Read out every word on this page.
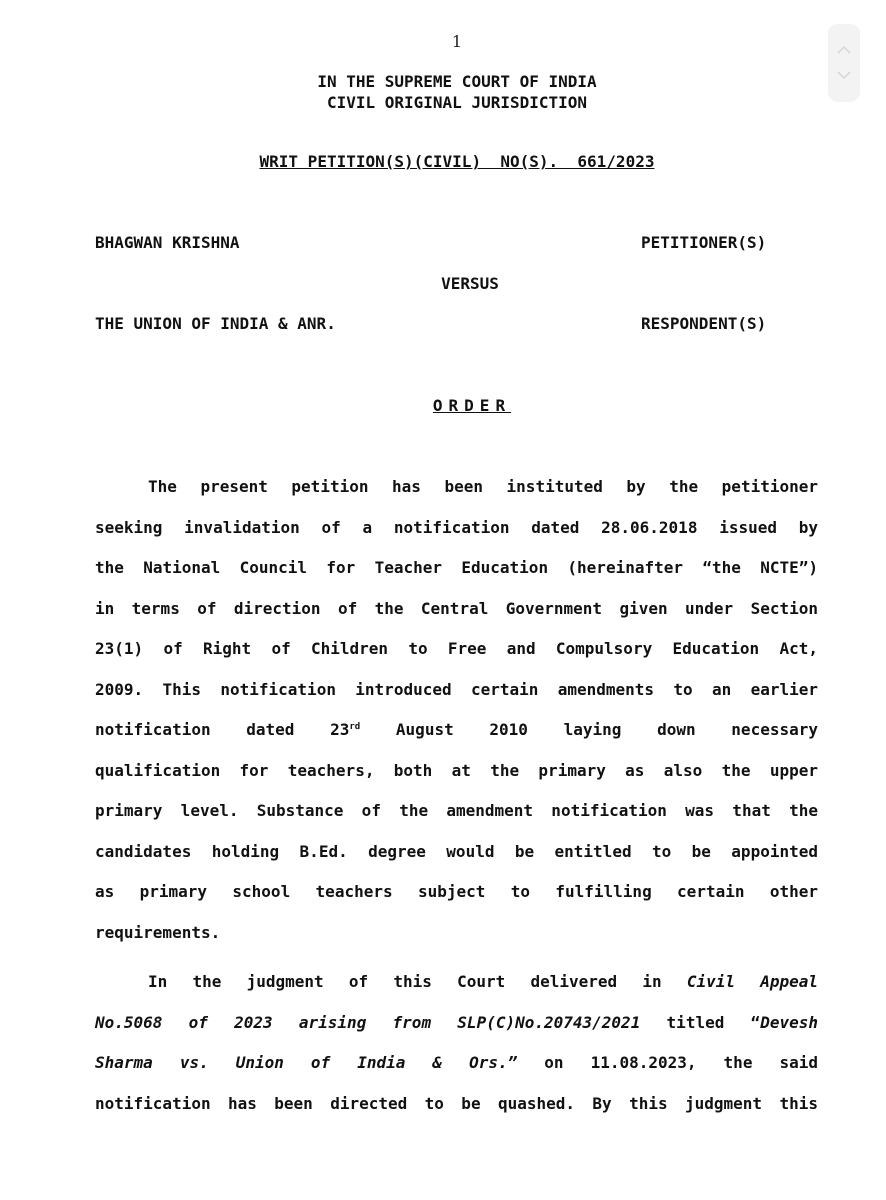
1
IN THE SUPREME COURT OF INDIA
CIVIL ORIGINAL JURISDICTION
WRIT PETITION(S)(CIVIL)  NO(S).  661/2023
BHAGWAN KRISHNA	PETITIONER(S)
VERSUS
THE UNION OF INDIA & ANR.	RESPONDENT(S)
ORDER
The present petition has been instituted by the petitioner
seeking invalidation of a notification dated 28.06.2018 issued by
the National Council for Teacher Education (hereinafter “the NCTE”)
in terms of direction of the Central Government given under Section
23(1) of Right of Children to Free and Compulsory Education Act,
2009. This notification introduced certain amendments to an earlier
notification dated 23rd August 2010 laying down necessary
qualification for teachers, both at the primary as also the upper
primary level. Substance of the amendment notification was that the
candidates holding B.Ed. degree would be entitled to be appointed
as primary school teachers subject to fulfilling certain other
requirements.
In the judgment of this Court delivered in Civil Appeal
No.5068 of 2023 arising from SLP(C)No.20743/2021 titled “Devesh
Sharma vs. Union of India & Ors.” on 11.08.2023, the said
notification has been directed to be quashed. By this judgment this
